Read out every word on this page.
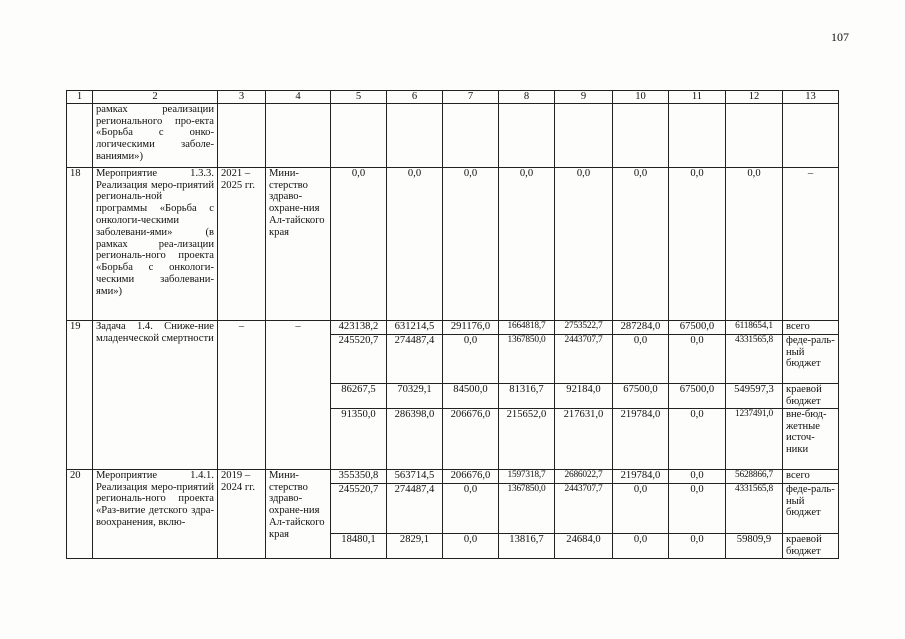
107
1	2	3	4	5	6	7	8	9	10	11	12	13
	рамках реализации регионального про-екта «Борьба с онко-логическими заболе-ваниями»)											
18	Мероприятие 1.3.3. Реализация меро-приятий региональ-ной программы «Борьба с онкологи-ческими заболевани-ями» (в рамках реа-лизации региональ-ного проекта «Борьба с онкологи-ческими заболевани-ями»)	2021 – 2025 гг.	Мини-стерство здраво-охране-ния Ал-тайского края	0,0	0,0	0,0	0,0	0,0	0,0	0,0	0,0	–
19	Задача 1.4. Сниже-ние младенческой смертности	–	–	423138,2	631214,5	291176,0	1664818,7	2753522,7	287284,0	67500,0	6118654,1	всего
				245520,7	274487,4	0,0	1367850,0	2443707,7	0,0	0,0	4331565,8	феде-раль-ный бюджет
				86267,5	70329,1	84500,0	81316,7	92184,0	67500,0	67500,0	549597,3	краевой бюджет
				91350,0	286398,0	206676,0	215652,0	217631,0	219784,0	0,0	1237491,0	вне-бюд-жетные источ-ники
20	Мероприятие 1.4.1. Реализация меро-приятий региональ-ного проекта «Раз-витие детского здра-воохранения, вклю-	2019 – 2024 гг.	Мини-стерство здраво-охране-ния Ал-тайского края	355350,8	563714,5	206676,0	1597318,7	2686022,7	219784,0	0,0	5628866,7	всего
				245520,7	274487,4	0,0	1367850,0	2443707,7	0,0	0,0	4331565,8	феде-раль-ный бюджет
				18480,1	2829,1	0,0	13816,7	24684,0	0,0	0,0	59809,9	краевой бюджет
